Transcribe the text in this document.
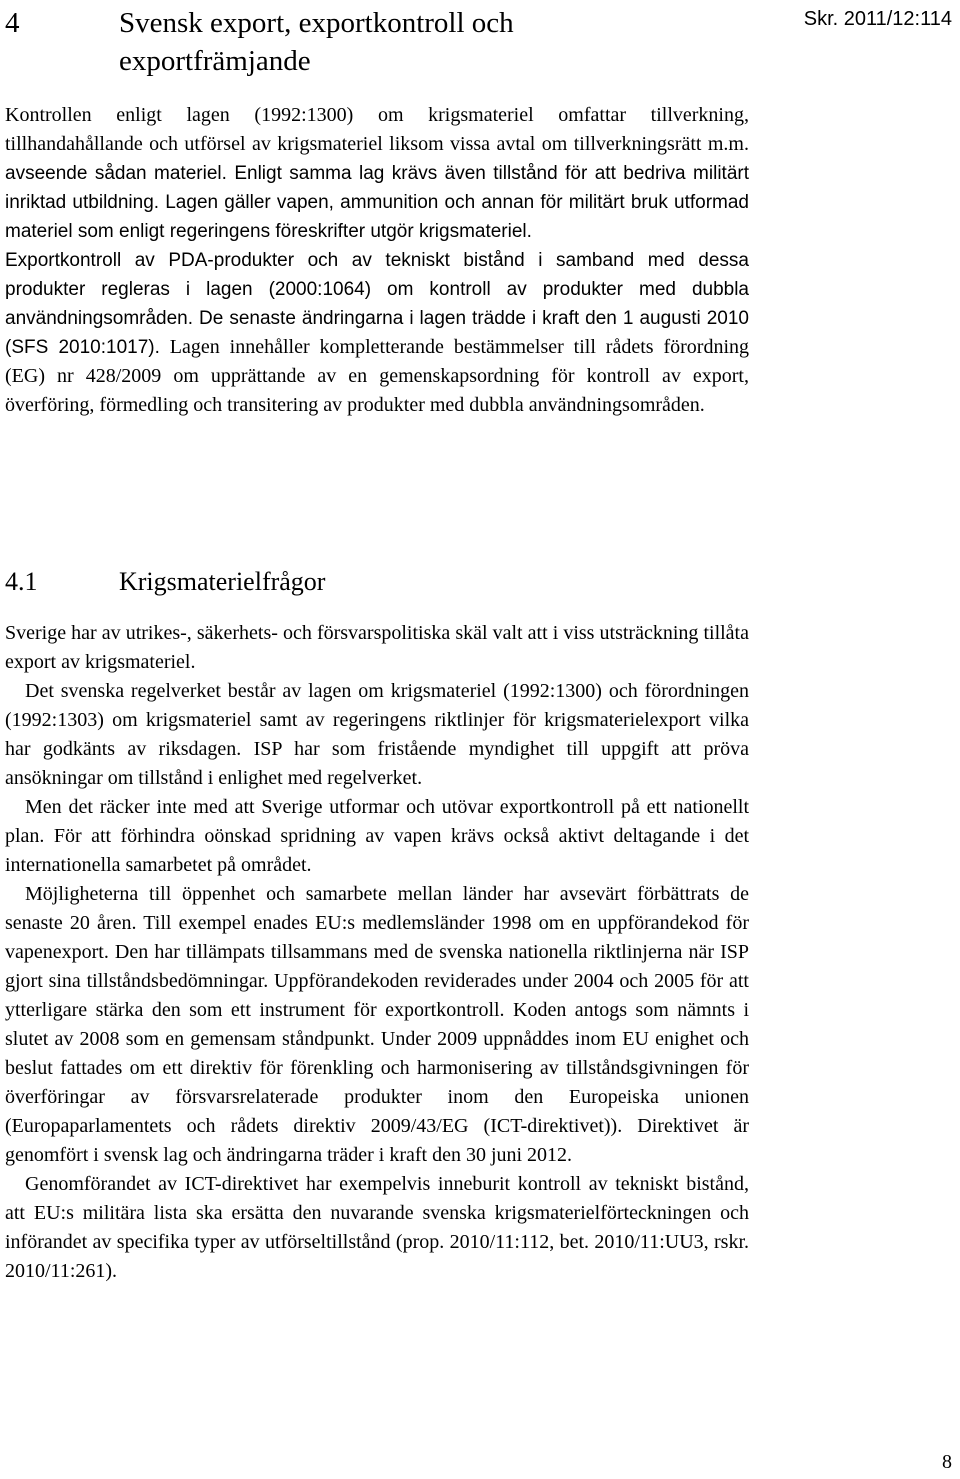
4	Svensk export, exportkontroll och exportfrämjande
Skr. 2011/12:114

Kontrollen enligt lagen (1992:1300) om krigsmateriel omfattar tillverkning, tillhandahållande och utförsel av krigsmateriel liksom vissa avtal om tillverkningsrätt m.m. avseende sådan materiel. Enligt samma lag krävs även tillstånd för att bedriva militärt inriktad utbildning. Lagen gäller vapen, ammunition och annan för militärt bruk utformad materiel som enligt regeringens föreskrifter utgör krigsmateriel.

Exportkontroll av PDA-produkter och av tekniskt bistånd i samband med dessa produkter regleras i lagen (2000:1064) om kontroll av produkter med dubbla användningsområden. De senaste ändringarna i lagen trädde i kraft den 1 augusti 2010 (SFS 2010:1017). Lagen innehåller kompletterande bestämmelser till rådets förordning (EG) nr 428/2009 om upprättande av en gemenskapsordning för kontroll av export, överföring, förmedling och transitering av produkter med dubbla användningsområden.

4.1	Krigsmaterielfrågor

Sverige har av utrikes-, säkerhets- och försvarspolitiska skäl valt att i viss utsträckning tillåta export av krigsmateriel.

Det svenska regelverket består av lagen om krigsmateriel (1992:1300) och förordningen (1992:1303) om krigsmateriel samt av regeringens riktlinjer för krigsmaterielexport vilka har godkänts av riksdagen. ISP har som fristående myndighet till uppgift att pröva ansökningar om tillstånd i enlighet med regelverket.

Men det räcker inte med att Sverige utformar och utövar exportkontroll på ett nationellt plan. För att förhindra oönskad spridning av vapen krävs också aktivt deltagande i det internationella samarbetet på området.

Möjligheterna till öppenhet och samarbete mellan länder har avsevärt förbättrats de senaste 20 åren. Till exempel enades EU:s medlemsländer 1998 om en uppförandekod för vapenexport. Den har tillämpats tillsammans med de svenska nationella riktlinjerna när ISP gjort sina tillståndsbedömningar. Uppförandekoden reviderades under 2004 och 2005 för att ytterligare stärka den som ett instrument för exportkontroll. Koden antogs som nämnts i slutet av 2008 som en gemensam ståndpunkt. Under 2009 uppnåddes inom EU enighet och beslut fattades om ett direktiv för förenkling och harmonisering av tillståndsgivningen för överföringar av försvarsrelaterade produkter inom den Europeiska unionen (Europaparlamentets och rådets direktiv 2009/43/EG (ICT-direktivet)). Direktivet är genomfört i svensk lag och ändringarna träder i kraft den 30 juni 2012.

Genomförandet av ICT-direktivet har exempelvis inneburit kontroll av tekniskt bistånd, att EU:s militära lista ska ersätta den nuvarande svenska krigsmaterielförteckningen och införandet av specifika typer av utförseltillstånd (prop. 2010/11:112, bet. 2010/11:UU3, rskr. 2010/11:261).

8
